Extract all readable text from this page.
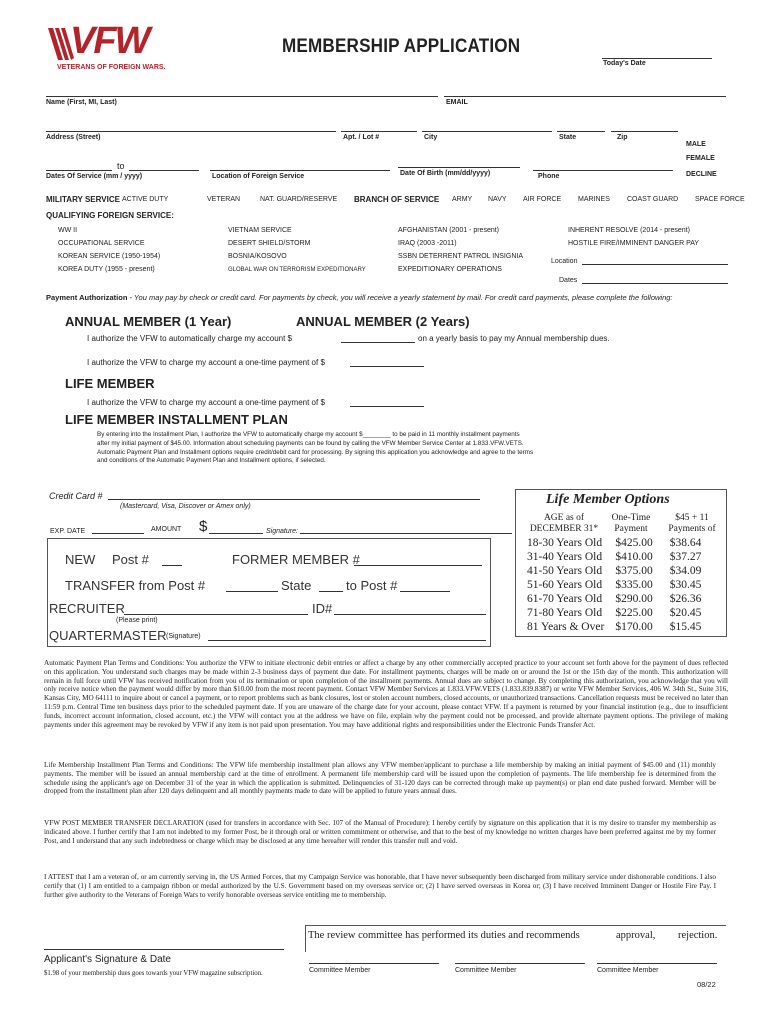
VFW
VETERANS OF FOREIGN WARS.
MEMBERSHIP APPLICATION
Today's Date
Name (First, MI, Last)	EMAIL
Address (Street)	Apt. / Lot #	City	State	Zip
MALE
FEMALE
DECLINE
to
Dates Of Service (mm / yyyy)	Location of Foreign Service	Date Of Birth (mm/dd/yyyy)	Phone
MILITARY SERVICE ACTIVE DUTY	VETERAN	NAT. GUARD/RESERVE BRANCH OF SERVICE ARMY NAVY AIR FORCE MARINES COAST GUARD SPACE FORCE
QUALIFYING FOREIGN SERVICE:
WW II
OCCUPATIONAL SERVICE
KOREAN SERVICE (1950-1954)
KOREA DUTY (1955 - present)
VIETNAM SERVICE
DESERT SHIELD/STORM
BOSNIA/KOSOVO
GLOBAL WAR ON TERRORISM EXPEDITIONARY
AFGHANISTAN (2001 - present)
IRAQ (2003 -2011)
SSBN DETERRENT PATROL INSIGNIA
EXPEDITIONARY OPERATIONS
INHERENT RESOLVE (2014 - present)
HOSTILE FIRE/IMMINENT DANGER PAY
Location
Dates
Payment Authorization - You may pay by check or credit card. For payments by check, you will receive a yearly statement by mail. For credit card payments, please complete the following:
ANNUAL MEMBER (1 Year)	ANNUAL MEMBER (2 Years)
I authorize the VFW to automatically charge my account $	on a yearly basis to pay my Annual membership dues.
I authorize the VFW to charge my account a one-time payment of $
LIFE MEMBER
I authorize the VFW to charge my account a one-time payment of $
LIFE MEMBER INSTALLMENT PLAN
By entering into the Installment Plan, I authorize the VFW to automatically charge my account $________ to be paid in 11 monthly installment payments
after my initial payment of $45.00. Information about scheduling payments can be found by calling the VFW Member Service Center at 1.833.VFW.VETS.
Automatic Payment Plan and Installment options require credit/debit card for processing. By signing this application you acknowledge and agree to the terms
and conditions of the Automatic Payment Plan and Installment options, if selected.
Credit Card #
(Mastercard, Visa, Discover or Amex only)
EXP. DATE	AMOUNT $	Signature:
NEW Post #	FORMER MEMBER #
TRANSFER from Post #	State	to Post #
RECRUITER
(Please print)
ID#
QUARTERMASTER (Signature)
Life Member Options
AGE as of
DECEMBER 31*
One-Time
Payment
$45 + 11
Payments of
18-30 Years Old	$425.00	$38.64
31-40 Years Old	$410.00	$37.27
41-50 Years Old	$375.00	$34.09
51-60 Years Old	$335.00	$30.45
61-70 Years Old	$290.00	$26.36
71-80 Years Old	$225.00	$20.45
81 Years & Over	$170.00	$15.45
Automatic Payment Plan Terms and Conditions: You authorize the VFW to initiate electronic debit entries or affect a charge by any other commercially accepted practice to your account set forth above for the payment of dues reflected on this application. You understand such charges may be made within 2-3 business days of payment due date. For installment payments, charges will be made on or around the 1st or the 15th day of the month. This authorization will remain in full force until VFW has received notification from you of its termination or upon completion of the installment payments. Annual dues are subject to change. By completing this authorization, you acknowledge that you will only receive notice when the payment would differ by more than $10.00 from the most recent payment. Contact VFW Member Services at 1.833.VFW.VETS (1.833.839.8387) or write VFW Member Services, 406 W. 34th St., Suite 316, Kansas City, MO 64111 to inquire about or cancel a payment, or to report problems such as bank closures, lost or stolen account numbers, closed accounts, or unauthorized transactions. Cancellation requests must be received no later than 11:59 p.m. Central Time ten business days prior to the scheduled payment date. If you are unaware of the charge date for your account, please contact VFW. If a payment is returned by your financial institution (e.g., due to insufficient funds, incorrect account information, closed account, etc.) the VFW will contact you at the address we have on file, explain why the payment could not be processed, and provide alternate payment options. The privilege of making payments under this agreement may be revoked by VFW if any item is not paid upon presentation. You may have additional rights and responsibilities under the Electronic Funds Transfer Act.
Life Membership Installment Plan Terms and Conditions: The VFW life membership installment plan allows any VFW member/applicant to purchase a life membership by making an initial payment of $45.00 and (11) monthly payments. The member will be issued an annual membership card at the time of enrollment. A permanent life membership card will be issued upon the completion of payments. The life membership fee is determined from the schedule using the applicant's age on December 31 of the year in which the application is submitted. Delinquencies of 31-120 days can be corrected through make up payment(s) or plan end date pushed forward. Member will be dropped from the installment plan after 120 days delinquent and all monthly payments made to date will be applied to future years annual dues.
VFW POST MEMBER TRANSFER DECLARATION (used for transfers in accordance with Sec. 107 of the Manual of Procedure): I hereby certify by signature on this application that it is my desire to transfer my membership as indicated above. I further certify that I am not indebted to my former Post, be it through oral or written commitment or otherwise, and that to the best of my knowledge no written charges have been preferred against me by my former Post, and I understand that any such indebtedness or charge which may be disclosed at any time hereafter will render this transfer null and void.
I ATTEST that I am a veteran of, or am currently serving in, the US Armed Forces, that my Campaign Service was honorable, that I have never subsequently been discharged from military service under dishonorable conditions. I also certify that (1) I am entitled to a campaign ribbon or medal authorized by the U.S. Government based on my overseas service or; (2) I have served overseas in Korea or; (3) I have received Imminent Danger or Hostile Fire Pay. I further give authority to the Veterans of Foreign Wars to verify honorable overseas service entitling me to membership.
Applicant's Signature & Date
$1.98 of your membership dues goes towards your VFW magazine subscription.
The review committee has performed its duties and recommends	approval, rejection.
Committee Member	Committee Member	Committee Member
08/22
